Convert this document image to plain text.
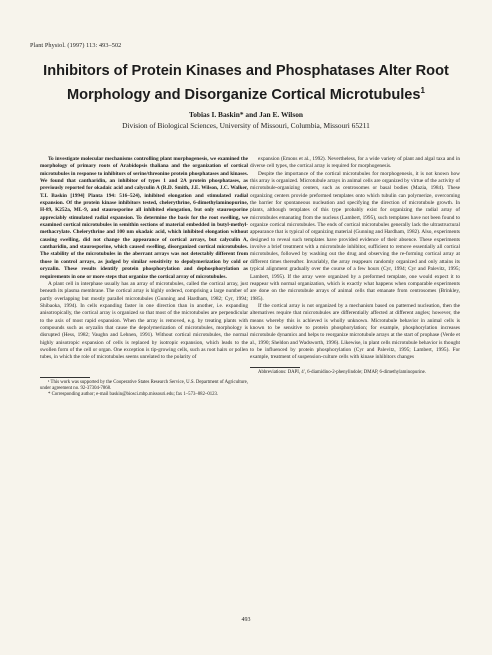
Plant Physiol. (1997) 113: 493–502
Inhibitors of Protein Kinases and Phosphatases Alter Root Morphology and Disorganize Cortical Microtubules$^1$
Tobias I. Baskin* and Jan E. Wilson
Division of Biological Sciences, University of Missouri, Columbia, Missouri 65211

To investigate molecular mechanisms controlling plant morphogenesis, we examined the morphology of primary roots of Arabidopsis thaliana and the organization of cortical microtubules in response to inhibitors of serine/threonine protein phosphatases and kinases. We found that cantharidin, an inhibitor of types 1 and 2A protein phosphatases, as previously reported for okadaic acid and calyculin A (R.D. Smith, J.E. Wilson, J.C. Walker, T.I. Baskin [1994] Planta 194: 516–524), inhibited elongation and stimulated radial expansion. Of the protein kinase inhibitors tested, chelerythrine, 6-dimethylaminopurine, H-89, K252a, ML-9, and staurosporine all inhibited elongation, but only staurosporine appreciably stimulated radial expansion. To determine the basis for the root swelling, we examined cortical microtubules in semithin sections of material embedded in butyl-methyl-methacrylate. Chelerythrine and 100 nm okadaic acid, which inhibited elongation without causing swelling, did not change the appearance of cortical arrays, but calyculin A, cantharidin, and staurosporine, which caused swelling, disorganized cortical microtubules. The stability of the microtubules in the aberrant arrays was not detectably different from those in control arrays, as judged by similar sensitivity to depolymerization by cold or oryzalin. These results identify protein phosphorylation and dephosphorylation as requirements in one or more steps that organize the cortical array of microtubules.

A plant cell in interphase usually has an array of microtubules, called the cortical array, just beneath its plasma membrane. The cortical array is highly ordered, comprising a large number of partly overlapping but mostly parallel microtubules (Gunning and Hardham, 1982; Cyr, 1994; Shibaoka, 1994). In cells expanding faster in one direction than in another, i.e. expanding anisotropically, the cortical array is organized so that most of the microtubules are perpendicular to the axis of most rapid expansion. When the array is removed, e.g. by treating plants with compounds such as oryzalin that cause the depolymerization of microtubules, morphology is disrupted (Hess, 1982; Vaughn and Lehnen, 1991). Without cortical microtubules, the normal highly anisotropic expansion of cells is replaced by isotropic expansion, which leads to the swollen form of the cell or organ. One exception is tip-growing cells, such as root hairs or pollen tubes, in which the role of microtubules seems unrelated to the polarity of

¹ This work was supported by the Cooperative States Research Service, U.S. Department of Agriculture, under agreement no. 92-37304-7868.

* Corresponding author; e-mail baskin@biosci.mbp.missouri.edu; fax 1–573–882–0123.

expansion (Emons et al., 1992). Nevertheless, for a wide variety of plant and algal taxa and in diverse cell types, the cortical array is required for morphogenesis.

Despite the importance of the cortical microtubules for morphogenesis, it is not known how this array is organized. Microtubule arrays in animal cells are organized by virtue of the activity of microtubule-organizing centers, such as centrosomes or basal bodies (Mazia, 1984). These organizing centers provide preformed templates onto which tubulin can polymerize, overcoming the barrier for spontaneous nucleation and specifying the direction of microtubule growth. In plants, although templates of this type probably exist for organizing the radial array of microtubules emanating from the nucleus (Lambert, 1995), such templates have not been found to organize cortical microtubules. The ends of cortical microtubules generally lack the ultrastructural appearance that is typical of organizing material (Gunning and Hardham, 1982). Also, experiments designed to reveal such templates have provided evidence of their absence. These experiments involve a brief treatment with a microtubule inhibitor, sufficient to remove essentially all cortical microtubules, followed by washing out the drug and observing the re-forming cortical array at different times thereafter. Invariably, the array reappears randomly organized and only attains its typical alignment gradually over the course of a few hours (Cyr, 1994; Cyr and Palevitz, 1995; Lambert, 1995). If the array were organized by a preformed template, one would expect it to reappear with normal organization, which is exactly what happens when comparable experiments are done on the microtubule arrays of animal cells that emanate from centrosomes (Brinkley, 1985).

If the cortical array is not organized by a mechanism based on patterned nucleation, then the alternatives require that microtubules are differentially affected at different angles; however, the means whereby this is achieved is wholly unknown. Microtubule behavior in animal cells is known to be sensitive to protein phosphorylation; for example, phosphorylation increases microtubule dynamics and helps to reorganize microtubule arrays at the start of prophase (Verde et al., 1990; Sheldon and Wadsworth, 1996). Likewise, in plant cells microtubule behavior is thought to be influenced by protein phosphorylation (Cyr and Palevitz, 1995; Lambert, 1995). For example, treatment of suspension-culture cells with kinase inhibitors changes

Abbreviations: DAPI, 4′, 6-diamidino-2-phenylindole; DMAP, 6-dimethylaminopurine.

493
